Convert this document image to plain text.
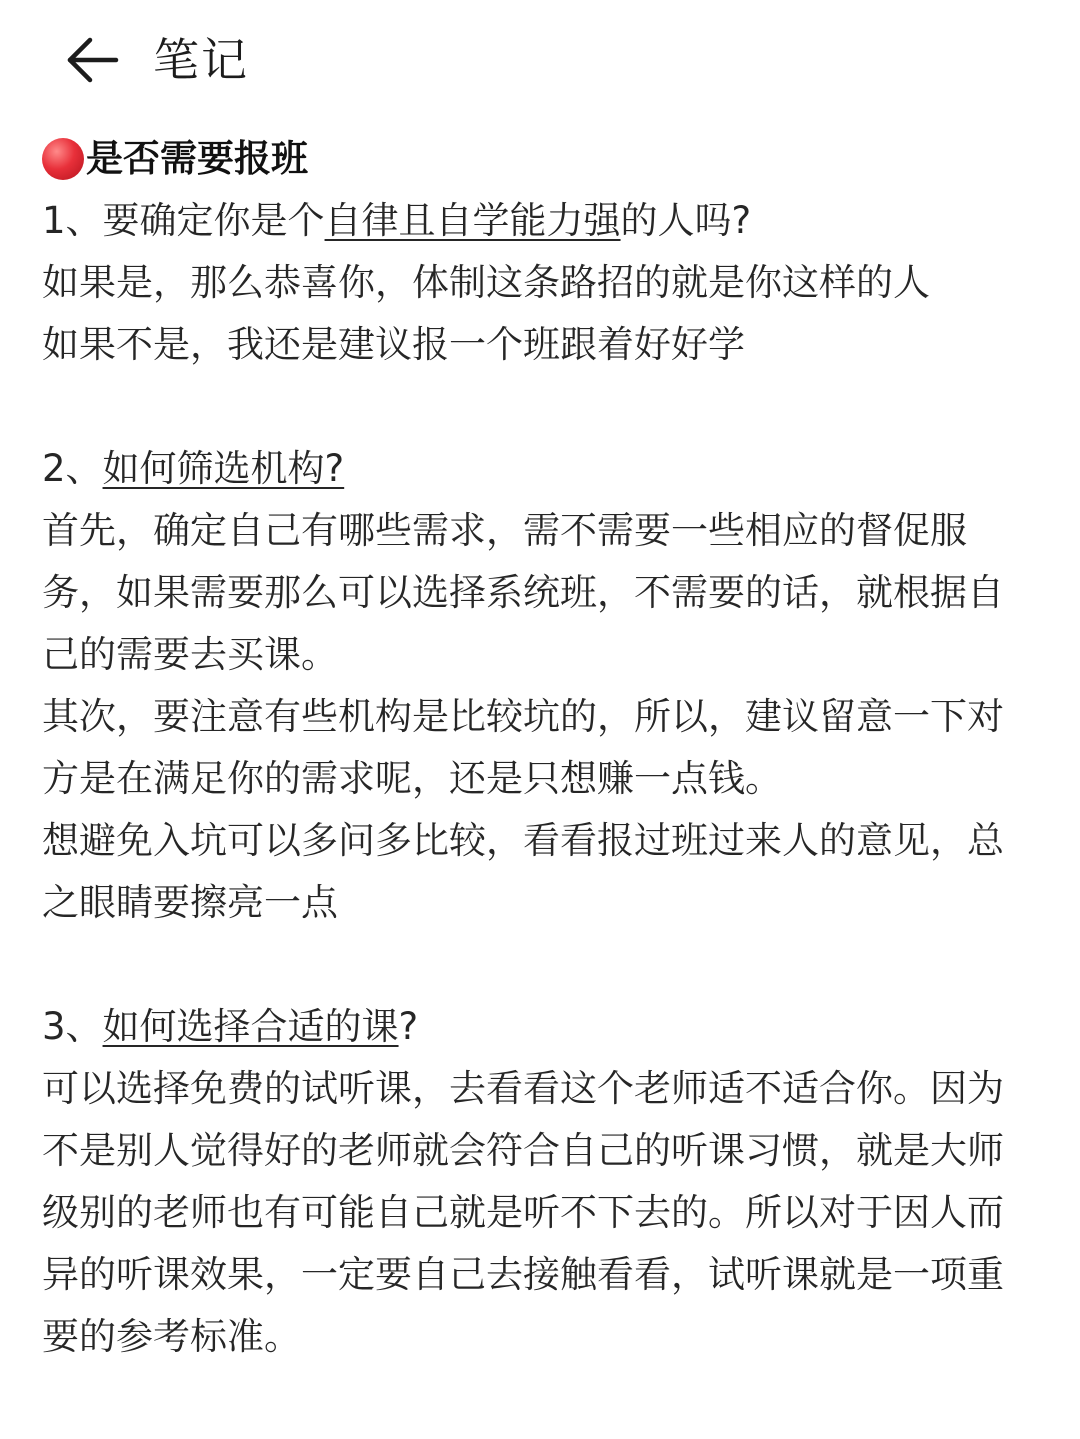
笔记
是否需要报班
1、要确定你是个自律且自学能力强的人吗?
如果是，那么恭喜你，体制这条路招的就是你这样的人
如果不是，我还是建议报一个班跟着好好学
2、如何筛选机构?
首先，确定自己有哪些需求，需不需要一些相应的督促服
务，如果需要那么可以选择系统班，不需要的话，就根据自
己的需要去买课。
其次，要注意有些机构是比较坑的，所以，建议留意一下对
方是在满足你的需求呢，还是只想赚一点钱。
想避免入坑可以多问多比较，看看报过班过来人的意见，总
之眼睛要擦亮一点
3、如何选择合适的课?
可以选择免费的试听课，去看看这个老师适不适合你。因为
不是别人觉得好的老师就会符合自己的听课习惯，就是大师
级别的老师也有可能自己就是听不下去的。所以对于因人而
异的听课效果，一定要自己去接触看看，试听课就是一项重
要的参考标准。
